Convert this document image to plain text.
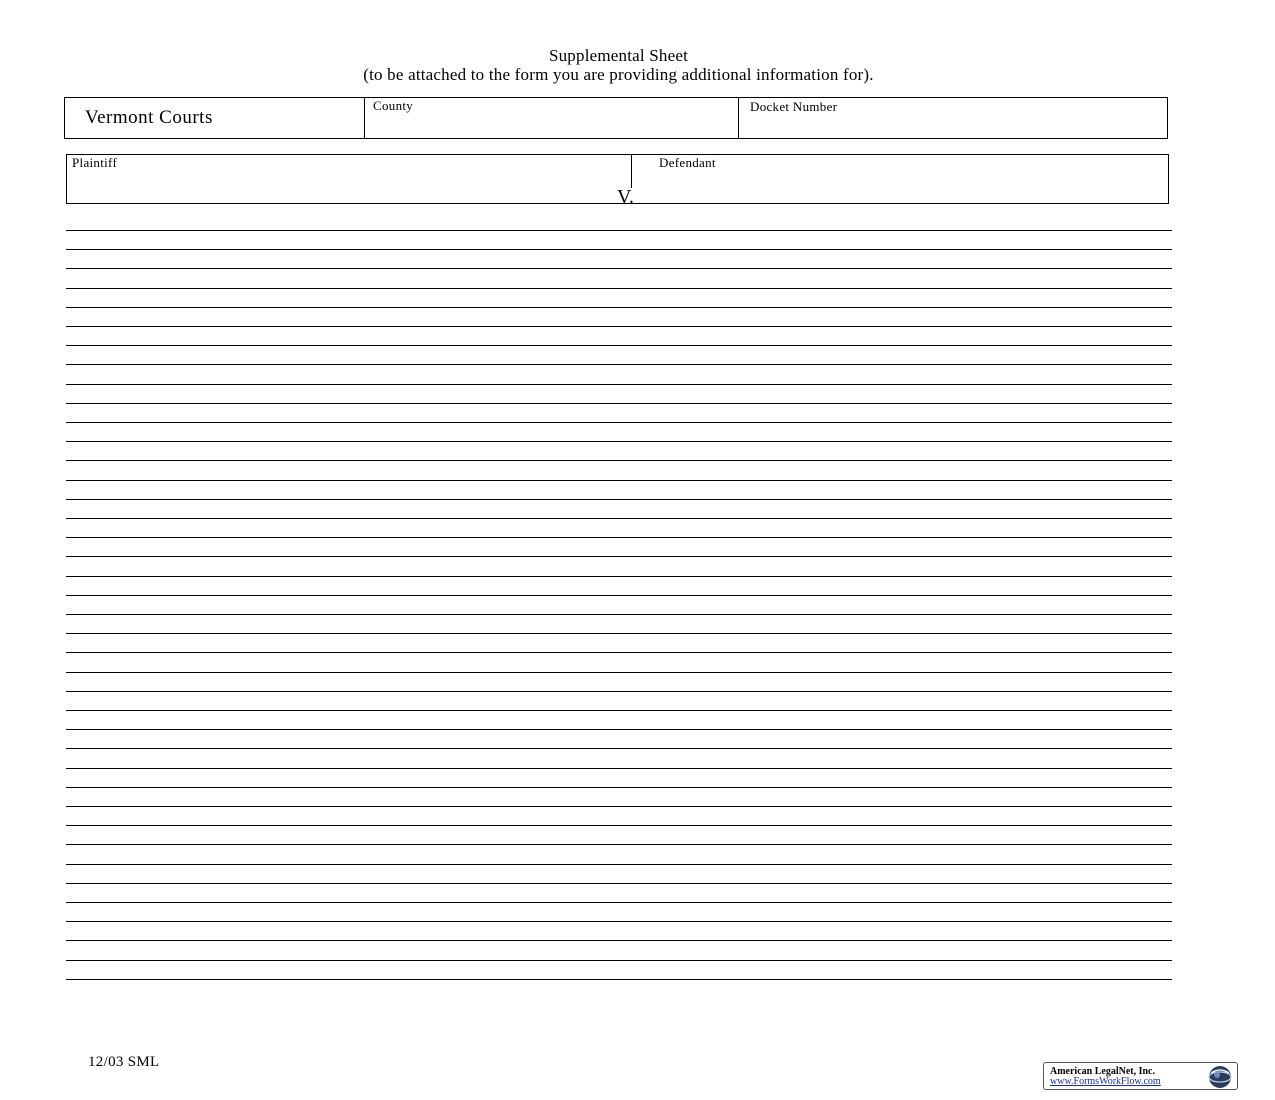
Supplemental Sheet
(to be attached to the form you are providing additional information for).
Vermont Courts
County	Docket Number
Plaintiff	Defendant
V.
12/03 SML
American LegalNet, Inc.
www.FormsWorkFlow.com
